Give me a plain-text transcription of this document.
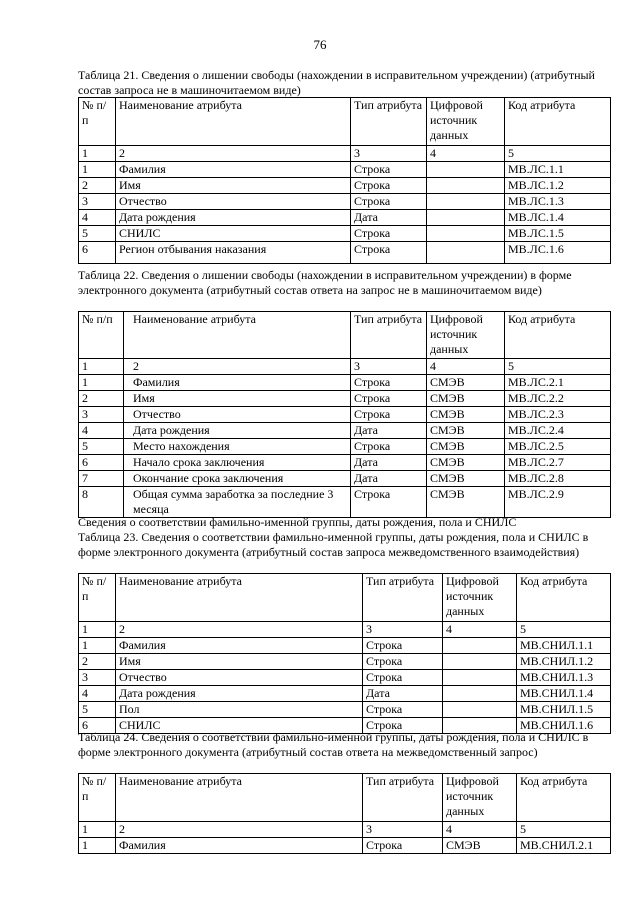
76
Таблица 21. Сведения о лишении свободы (нахождении в исправительном учреждении) (атрибутный состав запроса не в машиночитаемом виде)
№ п/п	Наименование атрибута	Тип атрибута	Цифровой источник данных	Код атрибута
1	2	3	4	5
1	Фамилия	Строка		МВ.ЛС.1.1
2	Имя	Строка		МВ.ЛС.1.2
3	Отчество	Строка		МВ.ЛС.1.3
4	Дата рождения	Дата		МВ.ЛС.1.4
5	СНИЛС	Строка		МВ.ЛС.1.5
6	Регион отбывания наказания	Строка		МВ.ЛС.1.6
Таблица 22. Сведения о лишении свободы (нахождении в исправительном учреждении) в форме электронного документа (атрибутный состав ответа на запрос не в машиночитаемом виде)
№ п/п	Наименование атрибута	Тип атрибута	Цифровой источник данных	Код атрибута
1	2	3	4	5
1	Фамилия	Строка	СМЭВ	МВ.ЛС.2.1
2	Имя	Строка	СМЭВ	МВ.ЛС.2.2
3	Отчество	Строка	СМЭВ	МВ.ЛС.2.3
4	Дата рождения	Дата	СМЭВ	МВ.ЛС.2.4
5	Место нахождения	Строка	СМЭВ	МВ.ЛС.2.5
6	Начало срока заключения	Дата	СМЭВ	МВ.ЛС.2.7
7	Окончание срока заключения	Дата	СМЭВ	МВ.ЛС.2.8
8	Общая сумма заработка за последние 3 месяца	Строка	СМЭВ	МВ.ЛС.2.9
Сведения о соответствии фамильно-именной группы, даты рождения, пола и СНИЛС
Таблица 23. Сведения о соответствии фамильно-именной группы, даты рождения, пола и СНИЛС в форме электронного документа (атрибутный состав запроса межведомственного взаимодействия)
№ п/п	Наименование атрибута	Тип атрибута	Цифровой источник данных	Код атрибута
1	2	3	4	5
1	Фамилия	Строка		МВ.СНИЛ.1.1
2	Имя	Строка		МВ.СНИЛ.1.2
3	Отчество	Строка		МВ.СНИЛ.1.3
4	Дата рождения	Дата		МВ.СНИЛ.1.4
5	Пол	Строка		МВ.СНИЛ.1.5
6	СНИЛС	Строка		МВ.СНИЛ.1.6
Таблица 24. Сведения о соответствии фамильно-именной группы, даты рождения, пола и СНИЛС в форме электронного документа (атрибутный состав ответа на межведомственный запрос)
№ п/п	Наименование атрибута	Тип атрибута	Цифровой источник данных	Код атрибута
1	2	3	4	5
1	Фамилия	Строка	СМЭВ	МВ.СНИЛ.2.1
